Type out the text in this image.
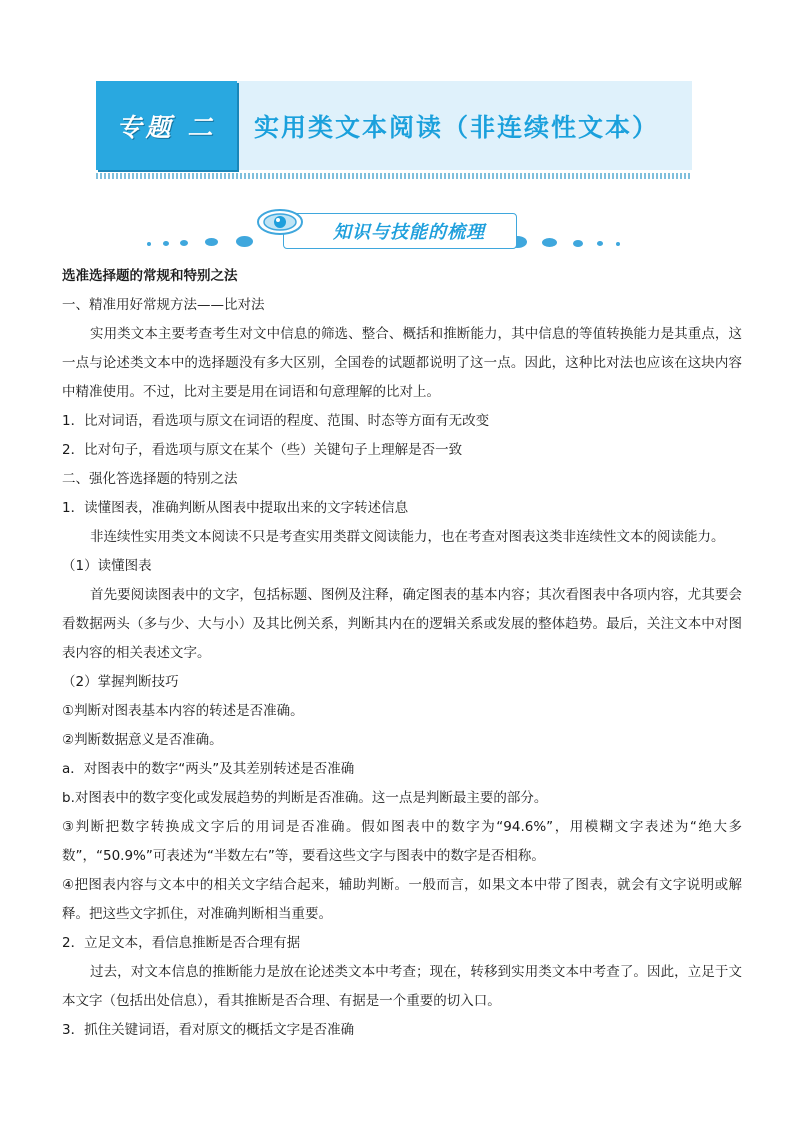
专题 二 实用类文本阅读（非连续性文本）
知识与技能的梳理
选准选择题的常规和特别之法
一、精准用好常规方法——比对法

实用类文本主要考查考生对文中信息的筛选、整合、概括和推断能力，其中信息的等值转换能力是其重点，这一点与论述类文本中的选择题没有多大区别，全国卷的试题都说明了这一点。因此，这种比对法也应该在这块内容中精准使用。不过，比对主要是用在词语和句意理解的比对上。

1．比对词语，看选项与原文在词语的程度、范围、时态等方面有无改变
2．比对句子，看选项与原文在某个（些）关键句子上理解是否一致
二、强化答选择题的特别之法
1．读懂图表，准确判断从图表中提取出来的文字转述信息

非连续性实用类文本阅读不只是考查实用类群文阅读能力，也在考查对图表这类非连续性文本的阅读能力。

（1）读懂图表

首先要阅读图表中的文字，包括标题、图例及注释，确定图表的基本内容；其次看图表中各项内容，尤其要会看数据两头（多与少、大与小）及其比例关系，判断其内在的逻辑关系或发展的整体趋势。最后，关注文本中对图表内容的相关表述文字。

（2）掌握判断技巧
①判断对图表基本内容的转述是否准确。
②判断数据意义是否准确。
a．对图表中的数字“两头”及其差别转述是否准确
b.对图表中的数字变化或发展趋势的判断是否准确。这一点是判断最主要的部分。

③判断把数字转换成文字后的用词是否准确。假如图表中的数字为“94.6%”，用模糊文字表述为“绝大多数”，“50.9%”可表述为“半数左右”等，要看这些文字与图表中的数字是否相称。

④把图表内容与文本中的相关文字结合起来，辅助判断。一般而言，如果文本中带了图表，就会有文字说明或解释。把这些文字抓住，对准确判断相当重要。

2．立足文本，看信息推断是否合理有据

过去，对文本信息的推断能力是放在论述类文本中考查；现在，转移到实用类文本中考查了。因此，立足于文本文字（包括出处信息），看其推断是否合理、有据是一个重要的切入口。

3．抓住关键词语，看对原文的概括文字是否准确
